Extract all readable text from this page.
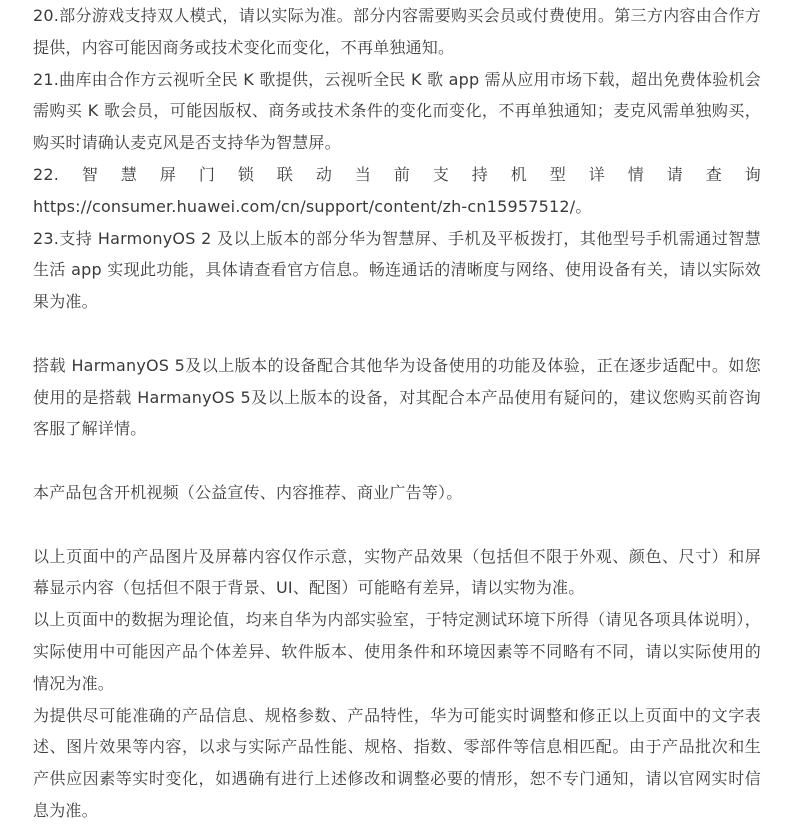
20.部分游戏支持双人模式，请以实际为准。部分内容需要购买会员或付费使用。第三方内容由合作方提供，内容可能因商务或技术变化而变化，不再单独通知。

21.曲库由合作方云视听全民 K 歌提供，云视听全民 K 歌 app 需从应用市场下载，超出免费体验机会需购买 K 歌会员，可能因版权、商务或技术条件的变化而变化，不再单独通知；麦克风需单独购买，购买时请确认麦克风是否支持华为智慧屏。

22.智慧屏门锁联动当前支持机型详情请查询 https://consumer.huawei.com/cn/support/content/zh-cn15957512/。

23.支持 HarmonyOS 2 及以上版本的部分华为智慧屏、手机及平板拨打，其他型号手机需通过智慧生活 app 实现此功能，具体请查看官方信息。畅连通话的清晰度与网络、使用设备有关，请以实际效果为准。

搭载 HarmanyOS 5及以上版本的设备配合其他华为设备使用的功能及体验，正在逐步适配中。如您使用的是搭载 HarmanyOS 5及以上版本的设备，对其配合本产品使用有疑问的，建议您购买前咨询客服了解详情。

本产品包含开机视频（公益宣传、内容推荐、商业广告等）。

以上页面中的产品图片及屏幕内容仅作示意，实物产品效果（包括但不限于外观、颜色、尺寸）和屏幕显示内容（包括但不限于背景、UI、配图）可能略有差异，请以实物为准。

以上页面中的数据为理论值，均来自华为内部实验室，于特定测试环境下所得（请见各项具体说明），实际使用中可能因产品个体差异、软件版本、使用条件和环境因素等不同略有不同，请以实际使用的情况为准。

为提供尽可能准确的产品信息、规格参数、产品特性，华为可能实时调整和修正以上页面中的文字表述、图片效果等内容，以求与实际产品性能、规格、指数、零部件等信息相匹配。由于产品批次和生产供应因素等实时变化，如遇确有进行上述修改和调整必要的情形，恕不专门通知，请以官网实时信息为准。
